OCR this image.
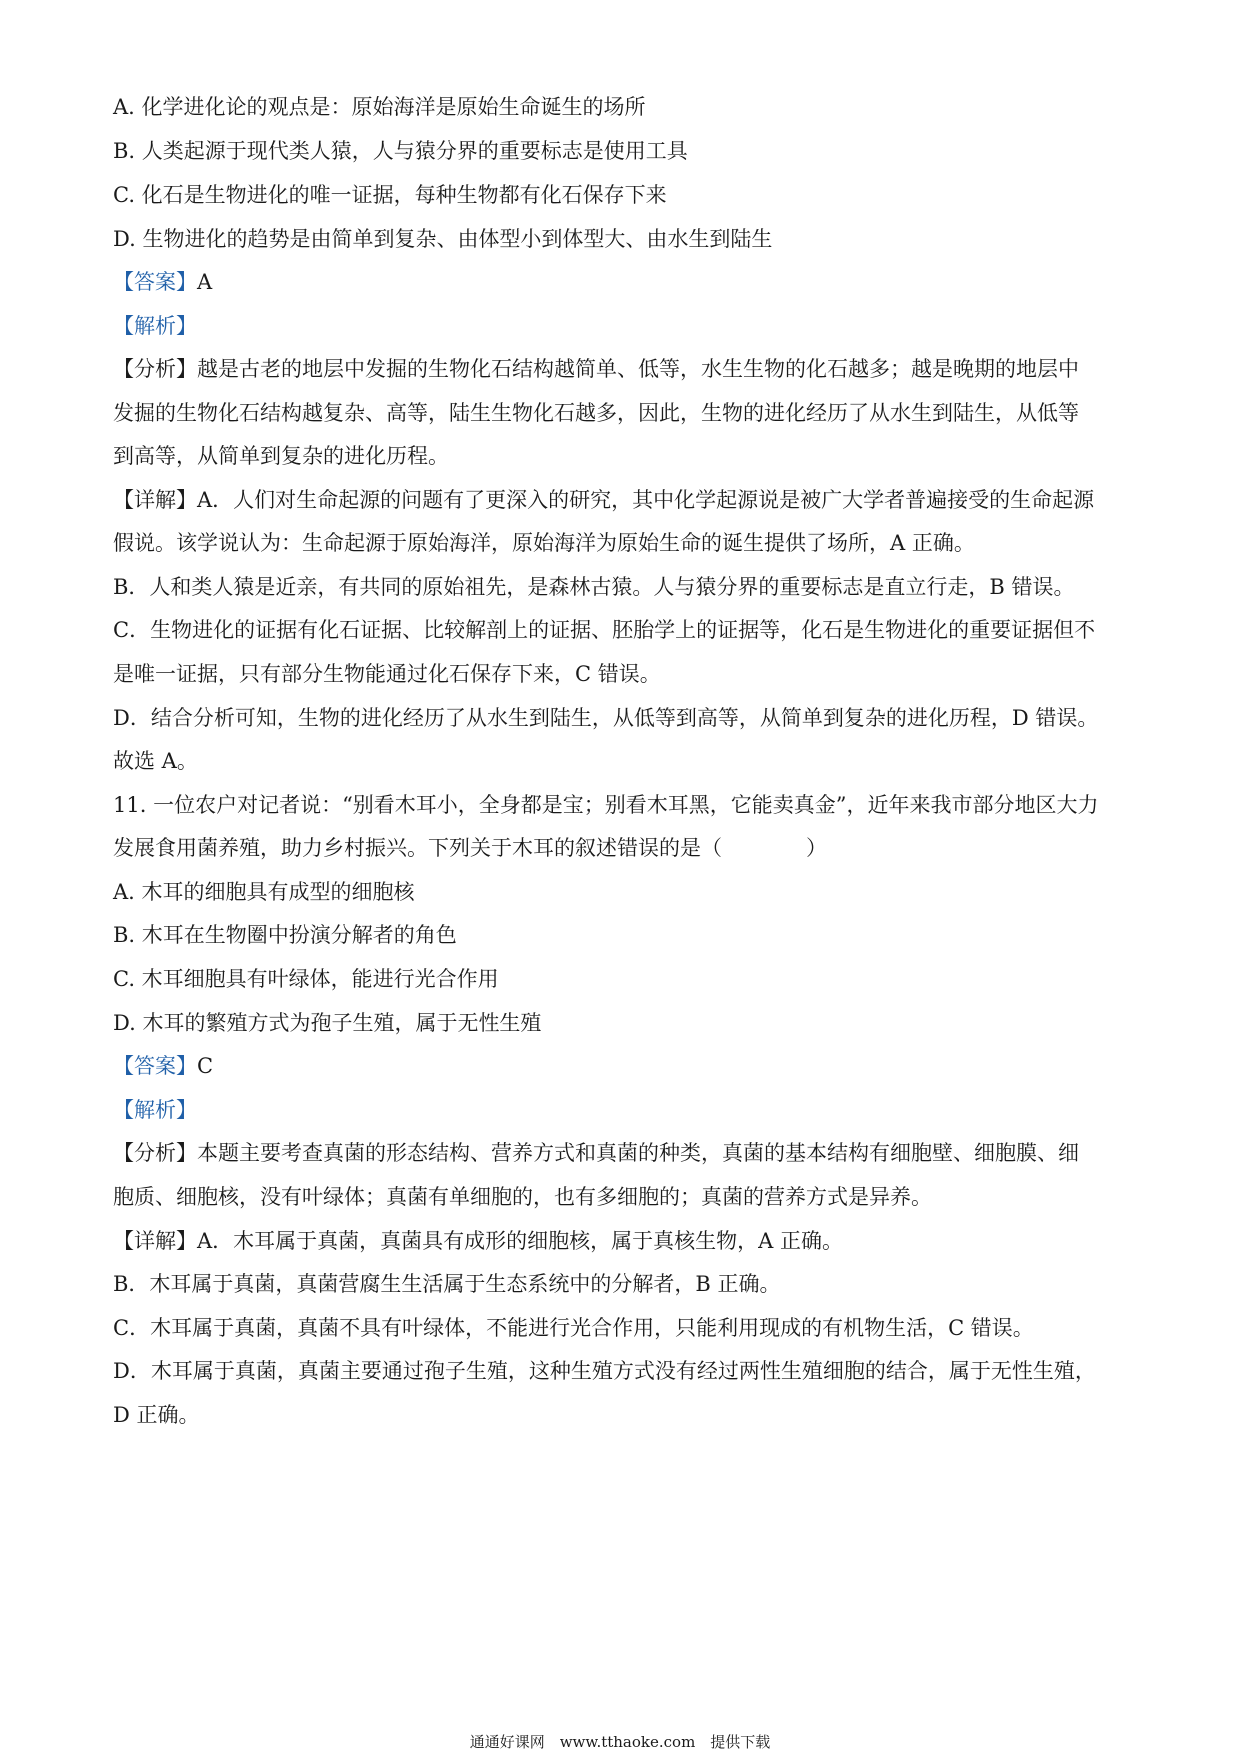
A. 化学进化论的观点是：原始海洋是原始生命诞生的场所
B. 人类起源于现代类人猿，人与猿分界的重要标志是使用工具
C. 化石是生物进化的唯一证据，每种生物都有化石保存下来
D. 生物进化的趋势是由简单到复杂、由体型小到体型大、由水生到陆生
【答案】A
【解析】
【分析】越是古老的地层中发掘的生物化石结构越简单、低等，水生生物的化石越多；越是晚期的地层中
发掘的生物化石结构越复杂、高等，陆生生物化石越多，因此，生物的进化经历了从水生到陆生，从低等
到高等，从简单到复杂的进化历程。
【详解】A．人们对生命起源的问题有了更深入的研究，其中化学起源说是被广大学者普遍接受的生命起源
假说。该学说认为：生命起源于原始海洋，原始海洋为原始生命的诞生提供了场所，A 正确。
B．人和类人猿是近亲，有共同的原始祖先，是森林古猿。人与猿分界的重要标志是直立行走，B 错误。
C．生物进化的证据有化石证据、比较解剖上的证据、胚胎学上的证据等，化石是生物进化的重要证据但不
是唯一证据，只有部分生物能通过化石保存下来，C 错误。
D．结合分析可知，生物的进化经历了从水生到陆生，从低等到高等，从简单到复杂的进化历程，D 错误。
故选 A。
11. 一位农户对记者说：“别看木耳小，全身都是宝；别看木耳黑，它能卖真金”，近年来我市部分地区大力
发展食用菌养殖，助力乡村振兴。下列关于木耳的叙述错误的是（　　　　）
A. 木耳的细胞具有成型的细胞核
B. 木耳在生物圈中扮演分解者的角色
C. 木耳细胞具有叶绿体，能进行光合作用
D. 木耳的繁殖方式为孢子生殖，属于无性生殖
【答案】C
【解析】
【分析】本题主要考查真菌的形态结构、营养方式和真菌的种类，真菌的基本结构有细胞壁、细胞膜、细
胞质、细胞核，没有叶绿体；真菌有单细胞的，也有多细胞的；真菌的营养方式是异养。
【详解】A．木耳属于真菌，真菌具有成形的细胞核，属于真核生物，A 正确。
B．木耳属于真菌，真菌营腐生生活属于生态系统中的分解者，B 正确。
C．木耳属于真菌，真菌不具有叶绿体，不能进行光合作用，只能利用现成的有机物生活，C 错误。
D．木耳属于真菌，真菌主要通过孢子生殖，这种生殖方式没有经过两性生殖细胞的结合，属于无性生殖，
D 正确。
通通好课网　www.tthaoke.com　提供下载
